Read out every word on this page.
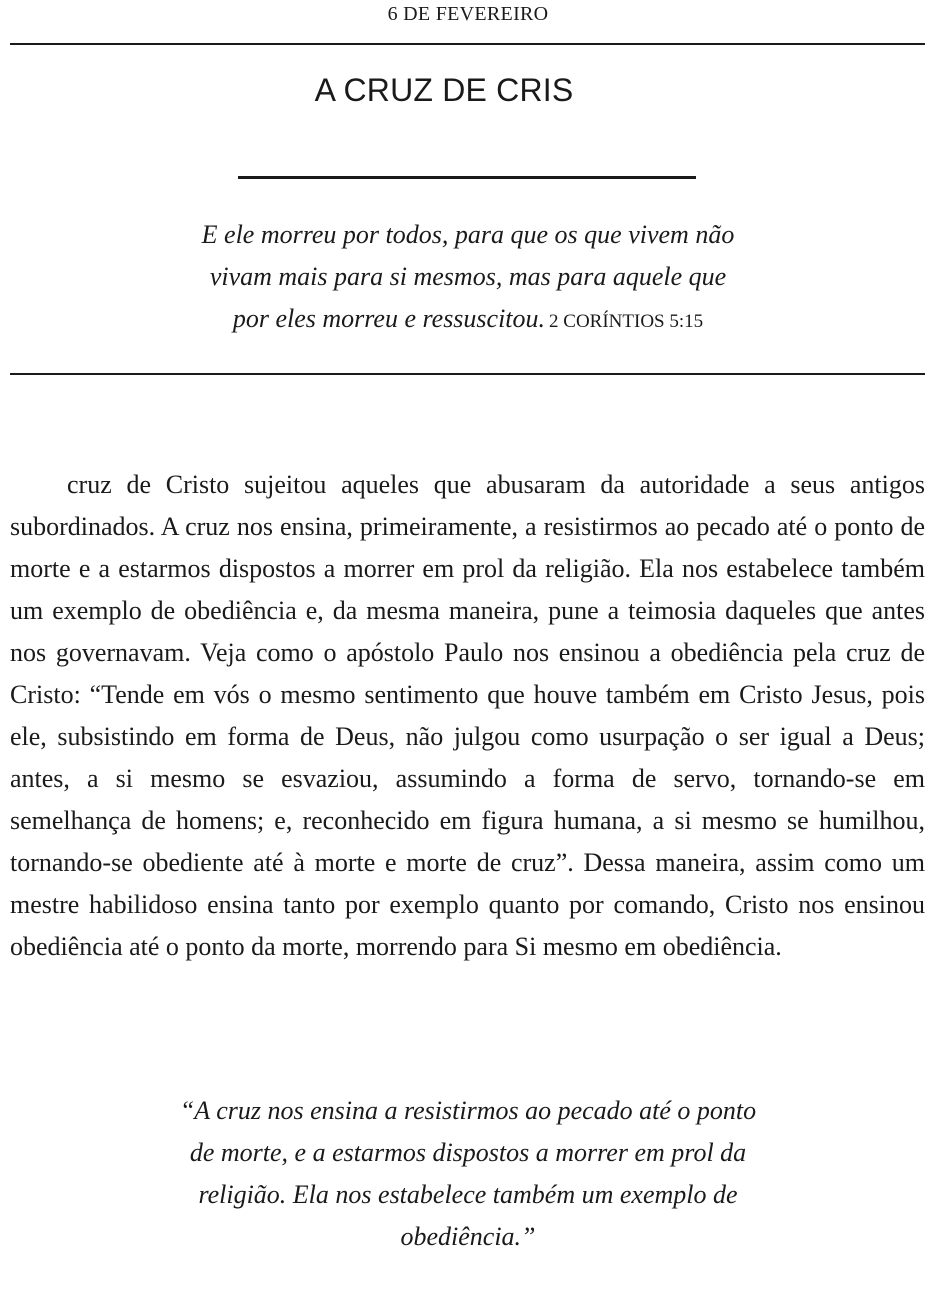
6 DE FEVEREIRO
A CRUZ DE CRIS
E ele morreu por todos, para que os que vivem não
vivam mais para si mesmos, mas para aquele que
por eles morreu e ressuscitou. 2 CORÍNTIOS 5:15

cruz de Cristo sujeitou aqueles que abusaram da autoridade a seus antigos subordinados. A cruz nos ensina, primeiramente, a resistirmos ao pecado até o ponto de morte e a estarmos dispostos a morrer em prol da religião. Ela nos estabelece também um exemplo de obediência e, da mesma maneira, pune a teimosia daqueles que antes nos governavam. Veja como o apóstolo Paulo nos ensinou a obediência pela cruz de Cristo: “Tende em vós o mesmo sentimento que houve também em Cristo Jesus, pois ele, subsistindo em forma de Deus, não julgou como usurpação o ser igual a Deus; antes, a si mesmo se esvaziou, assumindo a forma de servo, tornando-se em semelhança de homens; e, reconhecido em figura humana, a si mesmo se humilhou, tornando-se obediente até à morte e morte de cruz”. Dessa maneira, assim como um mestre habilidoso ensina tanto por exemplo quanto por comando, Cristo nos ensinou obediência até o ponto da morte, morrendo para Si mesmo em obediência.

“A cruz nos ensina a resistirmos ao pecado até o ponto
de morte, e a estarmos dispostos a morrer em prol da
religião. Ela nos estabelece também um exemplo de
obediência.”
